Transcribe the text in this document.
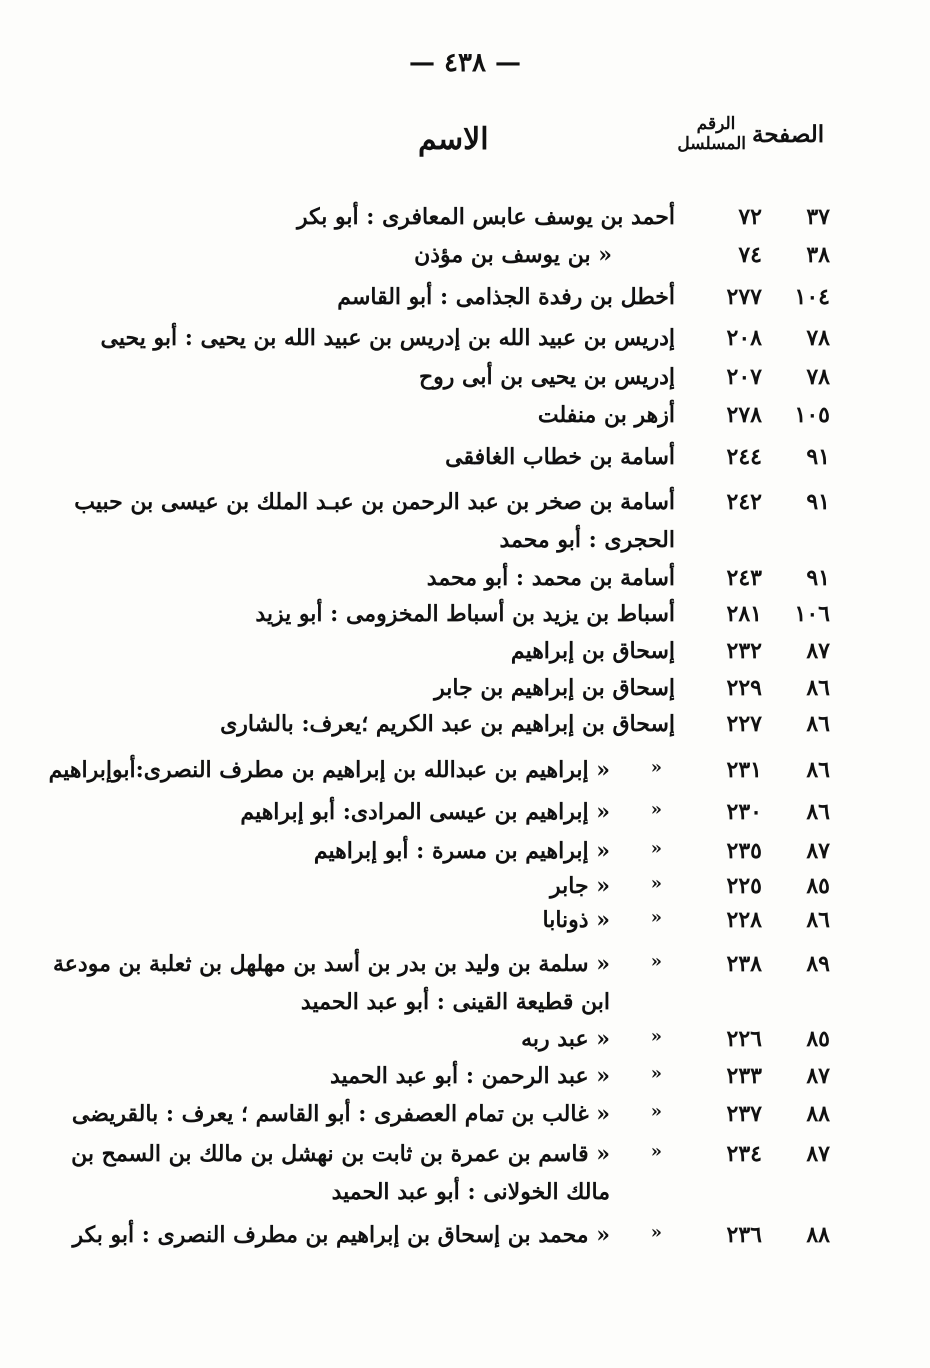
— ٤٣٨ —
الصفحة
الرقم
المسلسل
الاسم
٣٧
٧٢
أحمد بن يوسف عابس المعافرى : أبو بكر
٣٨
٧٤
« بن يوسف بن مؤذن
١٠٤
٢٧٧
أخطل بن رفدة الجذامى : أبو القاسم
٧٨
٢٠٨
إدريس بن عبيد الله بن إدريس بن عبيد الله بن يحيى : أبو يحيى
٧٨
٢٠٧
إدريس بن يحيى بن أبى روح
١٠٥
٢٧٨
أزهر بن منفلت
٩١
٢٤٤
أسامة بن خطاب الغافقى
٩١
٢٤٢
أسامة بن صخر بن عبد الرحمن بن عبـد الملك بن عيسى بن حبيب
الحجرى : أبو محمد
٩١
٢٤٣
أسامة بن محمد : أبو محمد
١٠٦
٢٨١
أسباط بن يزيد بن أسباط المخزومى : أبو يزيد
٨٧
٢٣٢
إسحاق بن إبراهيم
٨٦
٢٢٩
إسحاق بن إبراهيم بن جابر
٨٦
٢٢٧
إسحاق بن إبراهيم بن عبد الكريم ؛يعرف: بالشارى
٨٦
٢٣١
«
« إبراهيم بن عبدالله بن إبراهيم بن مطرف النصرى:أبوإبراهيم
٨٦
٢٣٠
«
« إبراهيم بن عيسى المرادى: أبو إبراهيم
٨٧
٢٣٥
«
« إبراهيم بن مسرة : أبو إبراهيم
٨٥
٢٢٥
«
« جابر
٨٦
٢٢٨
«
« ذونابا
٨٩
٢٣٨
«
« سلمة بن وليد بن بدر بن أسد بن مهلهل بن ثعلبة بن مودعة
ابن قطيعة القينى : أبو عبد الحميد
٨٥
٢٢٦
«
« عبد ربه
٨٧
٢٣٣
«
« عبد الرحمن : أبو عبد الحميد
٨٨
٢٣٧
«
« غالب بن تمام العصفرى : أبو القاسم ؛ يعرف : بالقريضى
٨٧
٢٣٤
«
« قاسم بن عمرة بن ثابت بن نهشل بن مالك بن السمح بن
مالك الخولانى : أبو عبد الحميد
٨٨
٢٣٦
«
« محمد بن إسحاق بن إبراهيم بن مطرف النصرى : أبو بكر
